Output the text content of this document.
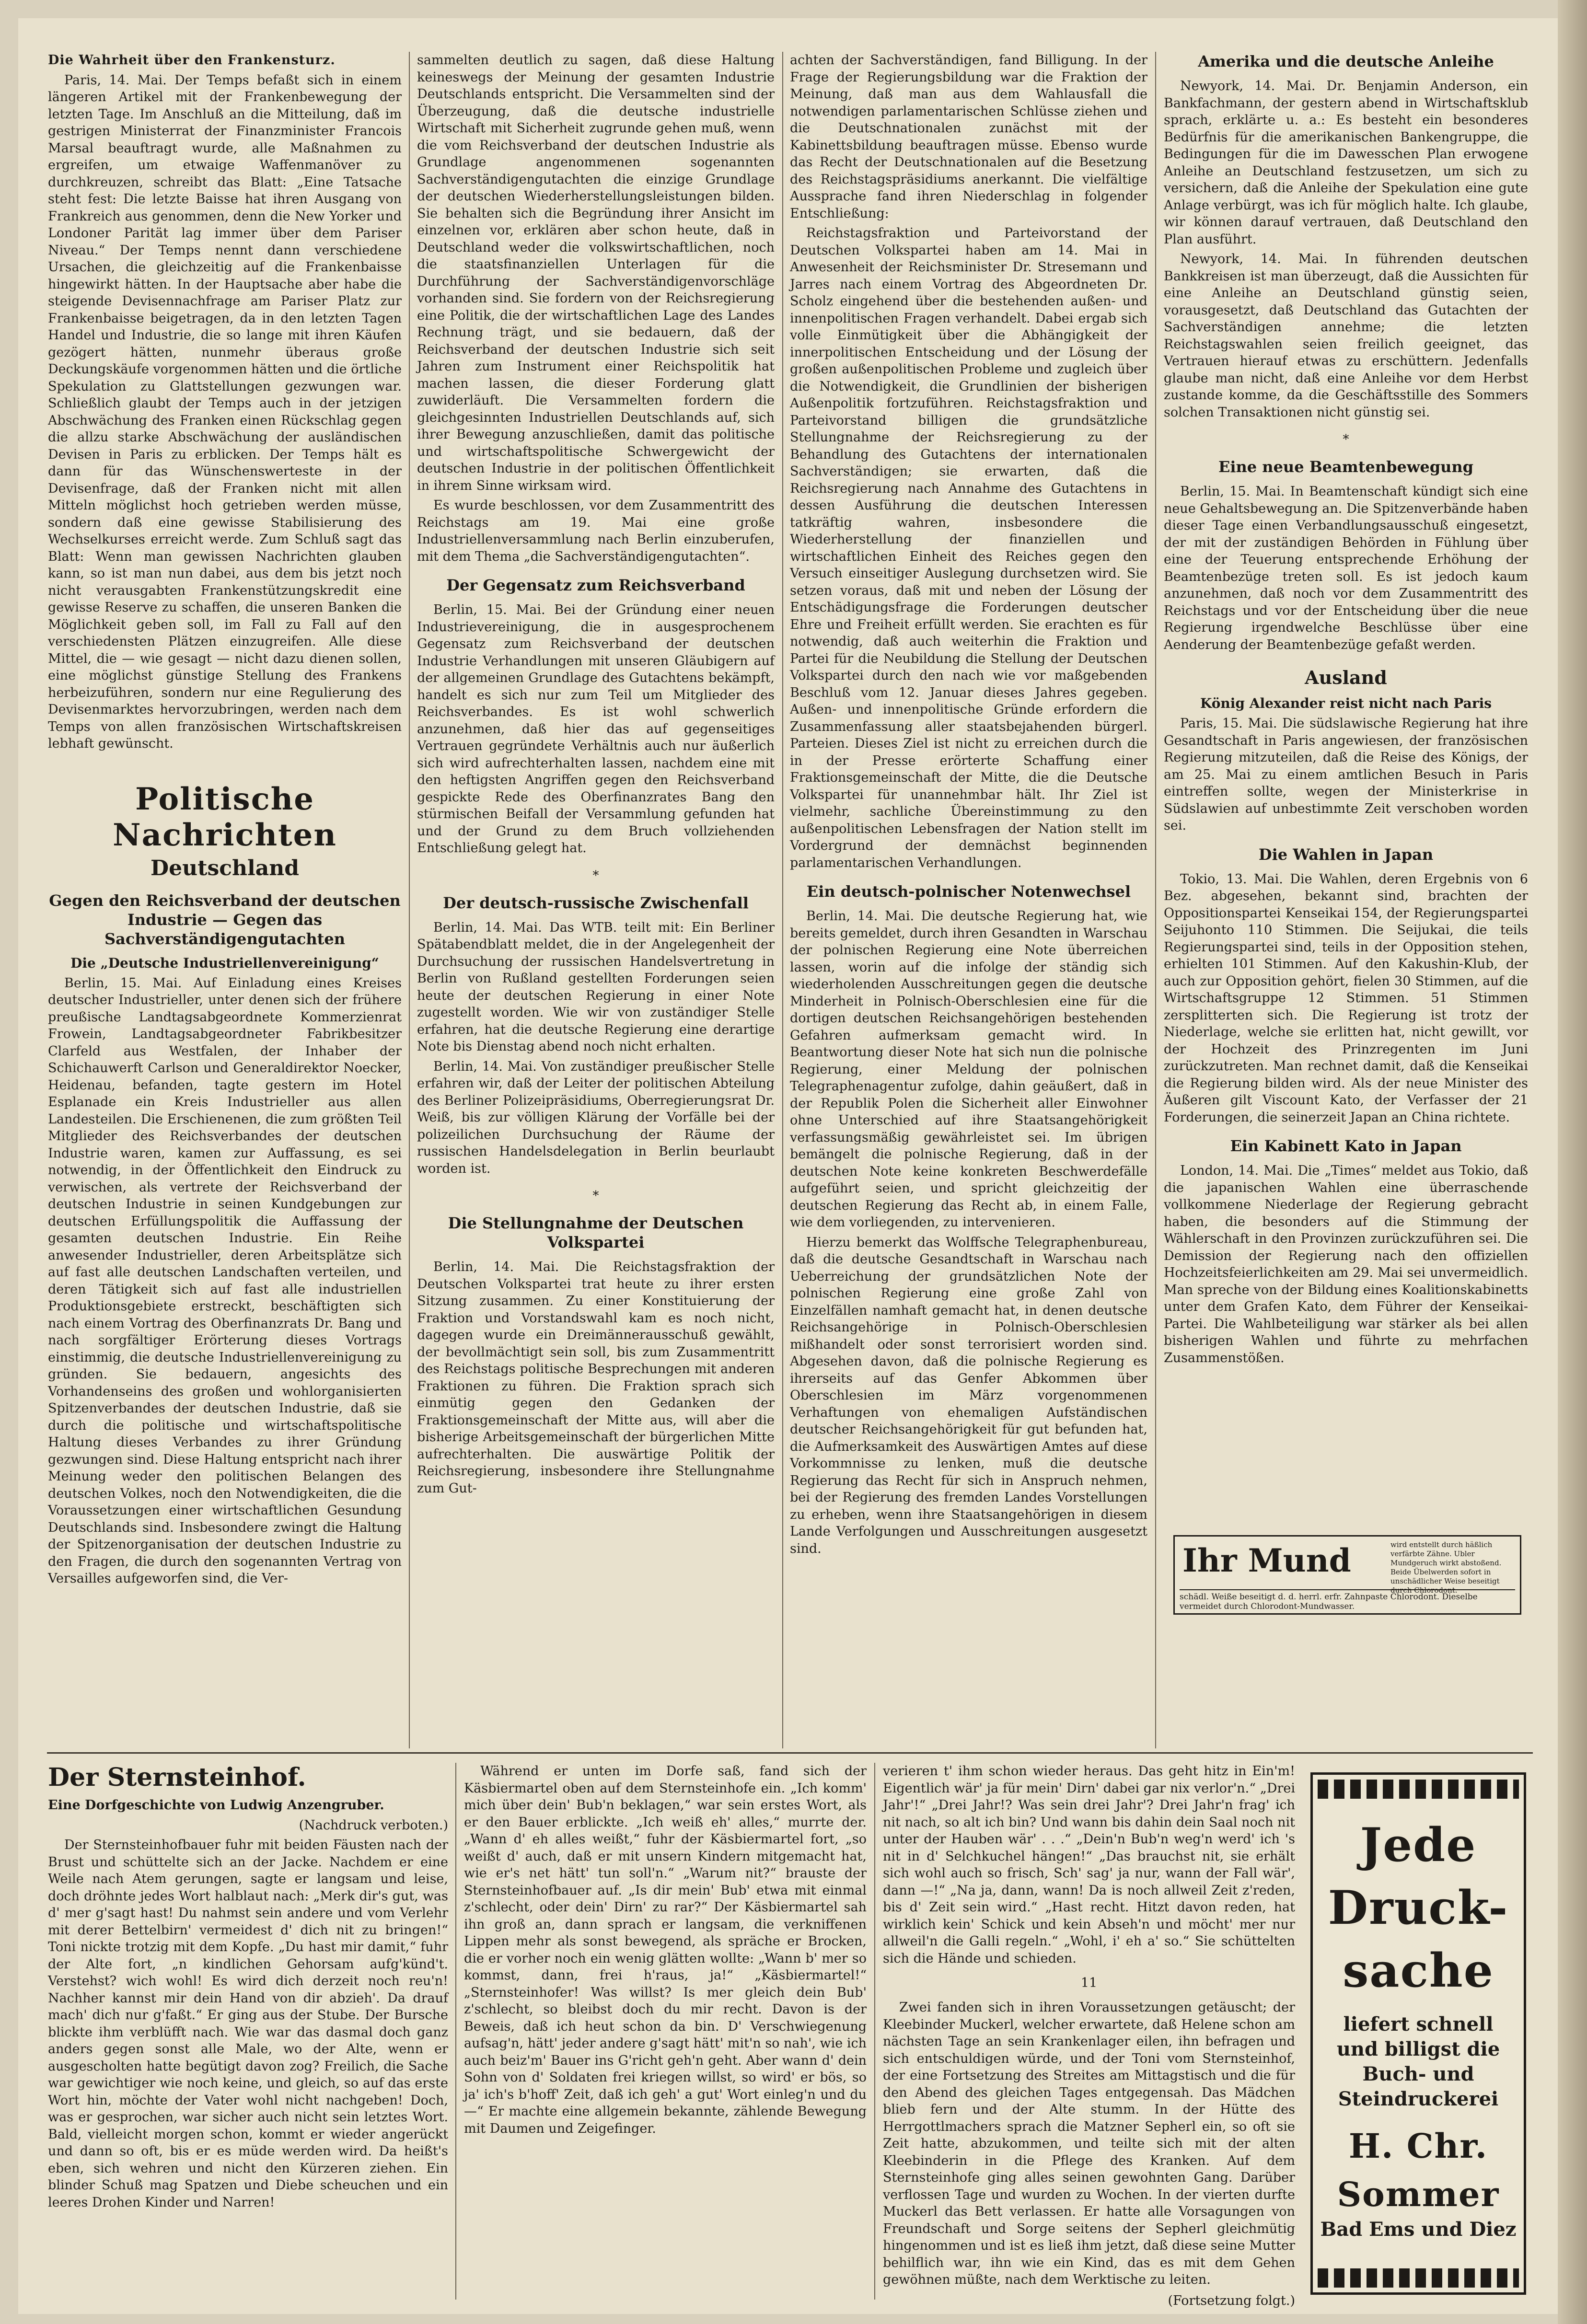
Die Wahrheit über den Frankensturz.

Paris, 14. Mai. Der Temps befaßt sich in einem längeren Artikel mit der Frankenbewegung der letzten Tage. Im Anschluß an die Mitteilung, daß im gestrigen Ministerrat der Finanzminister Francois Marsal beauftragt wurde, alle Maßnahmen zu ergreifen, um etwaige Waffenmanöver zu durchkreuzen, schreibt das Blatt: „Eine Tatsache steht fest: Die letzte Baisse hat ihren Ausgang von Frankreich aus genommen, denn die New Yorker und Londoner Parität lag immer über dem Pariser Niveau.“ Der Temps nennt dann verschiedene Ursachen, die gleichzeitig auf die Frankenbaisse hingewirkt hätten. In der Hauptsache aber habe die steigende Devisennachfrage am Pariser Platz zur Frankenbaisse beigetragen, da in den letzten Tagen Handel und Industrie, die so lange mit ihren Käufen gezögert hätten, nunmehr überaus große Deckungskäufe vorgenommen hätten und die örtliche Spekulation zu Glattstellungen gezwungen war. Schließlich glaubt der Temps auch in der jetzigen Abschwächung des Franken einen Rückschlag gegen die allzu starke Abschwächung der ausländischen Devisen in Paris zu erblicken. Der Temps hält es dann für das Wünschenswerteste in der Devisenfrage, daß der Franken nicht mit allen Mitteln möglichst hoch getrieben werden müsse, sondern daß eine gewisse Stabilisierung des Wechselkurses erreicht werde. Zum Schluß sagt das Blatt: Wenn man gewissen Nachrichten glauben kann, so ist man nun dabei, aus dem bis jetzt noch nicht verausgabten Frankenstützungskredit eine gewisse Reserve zu schaffen, die unseren Banken die Möglichkeit geben soll, im Fall zu Fall auf den verschiedensten Plätzen einzugreifen. Alle diese Mittel, die — wie gesagt — nicht dazu dienen sollen, eine möglichst günstige Stellung des Frankens herbeizuführen, sondern nur eine Regulierung des Devisenmarktes hervorzubringen, werden nach dem Temps von allen französischen Wirtschaftskreisen lebhaft gewünscht.

Politische Nachrichten
Deutschland
Gegen den Reichsverband der deutschen Industrie — Gegen das Sachverständigengutachten
Die „Deutsche Industriellenvereinigung“

Berlin, 15. Mai. Auf Einladung eines Kreises deutscher Industrieller, unter denen sich der frühere preußische Landtagsabgeordnete Kommerzienrat Frowein, Landtagsabgeordneter Fabrikbesitzer Clarfeld aus Westfalen, der Inhaber der Schichauwerft Carlson und Generaldirektor Noecker, Heidenau, befanden, tagte gestern im Hotel Esplanade ein Kreis Industrieller aus allen Landesteilen. Die Erschienenen, die zum größten Teil Mitglieder des Reichsverbandes der deutschen Industrie waren, kamen zur Auffassung, es sei notwendig, in der Öffentlichkeit den Eindruck zu verwischen, als vertrete der Reichsverband der deutschen Industrie in seinen Kundgebungen zur deutschen Erfüllungspolitik die Auffassung der gesamten deutschen Industrie. Ein Reihe anwesender Industrieller, deren Arbeitsplätze sich auf fast alle deutschen Landschaften verteilen, und deren Tätigkeit sich auf fast alle industriellen Produktionsgebiete erstreckt, beschäftigten sich nach einem Vortrag des Oberfinanzrats Dr. Bang und nach sorgfältiger Erörterung dieses Vortrags einstimmig, die deutsche Industriellenvereinigung zu gründen. Sie bedauern, angesichts des Vorhandenseins des großen und wohlorganisierten Spitzenverbandes der deutschen Industrie, daß sie durch die politische und wirtschaftspolitische Haltung dieses Verbandes zu ihrer Gründung gezwungen sind. Diese Haltung entspricht nach ihrer Meinung weder den politischen Belangen des deutschen Volkes, noch den Notwendigkeiten, die die Voraussetzungen einer wirtschaftlichen Gesundung Deutschlands sind. Insbesondere zwingt die Haltung der Spitzenorganisation der deutschen Industrie zu den Fragen, die durch den sogenannten Vertrag von Versailles aufgeworfen sind, die Ver-

sammelten deutlich zu sagen, daß diese Haltung keineswegs der Meinung der gesamten Industrie Deutschlands entspricht. Die Versammelten sind der Überzeugung, daß die deutsche industrielle Wirtschaft mit Sicherheit zugrunde gehen muß, wenn die vom Reichsverband der deutschen Industrie als Grundlage angenommenen sogenannten Sachverständigengutachten die einzige Grundlage der deutschen Wiederherstellungsleistungen bilden. Sie behalten sich die Begründung ihrer Ansicht im einzelnen vor, erklären aber schon heute, daß in Deutschland weder die volkswirtschaftlichen, noch die staatsfinanziellen Unterlagen für die Durchführung der Sachverständigenvorschläge vorhanden sind. Sie fordern von der Reichsregierung eine Politik, die der wirtschaftlichen Lage des Landes Rechnung trägt, und sie bedauern, daß der Reichsverband der deutschen Industrie sich seit Jahren zum Instrument einer Reichspolitik hat machen lassen, die dieser Forderung glatt zuwiderläuft. Die Versammelten fordern die gleichgesinnten Industriellen Deutschlands auf, sich ihrer Bewegung anzuschließen, damit das politische und wirtschaftspolitische Schwergewicht der deutschen Industrie in der politischen Öffentlichkeit in ihrem Sinne wirksam wird.

Es wurde beschlossen, vor dem Zusammentritt des Reichstags am 19. Mai eine große Industriellenversammlung nach Berlin einzuberufen, mit dem Thema „die Sachverständigengutachten“.

Der Gegensatz zum Reichsverband

Berlin, 15. Mai. Bei der Gründung einer neuen Industrievereinigung, die in ausgesprochenem Gegensatz zum Reichsverband der deutschen Industrie Verhandlungen mit unseren Gläubigern auf der allgemeinen Grundlage des Gutachtens bekämpft, handelt es sich nur zum Teil um Mitglieder des Reichsverbandes. Es ist wohl schwerlich anzunehmen, daß hier das auf gegenseitiges Vertrauen gegründete Verhältnis auch nur äußerlich sich wird aufrechterhalten lassen, nachdem eine mit den heftigsten Angriffen gegen den Reichsverband gespickte Rede des Oberfinanzrates Bang den stürmischen Beifall der Versammlung gefunden hat und der Grund zu dem Bruch vollziehenden Entschließung gelegt hat.

*
Der deutsch-russische Zwischenfall

Berlin, 14. Mai. Das WTB. teilt mit: Ein Berliner Spätabendblatt meldet, die in der Angelegenheit der Durchsuchung der russischen Handelsvertretung in Berlin von Rußland gestellten Forderungen seien heute der deutschen Regierung in einer Note zugestellt worden. Wie wir von zuständiger Stelle erfahren, hat die deutsche Regierung eine derartige Note bis Dienstag abend noch nicht erhalten.

Berlin, 14. Mai. Von zuständiger preußischer Stelle erfahren wir, daß der Leiter der politischen Abteilung des Berliner Polizeipräsidiums, Oberregierungsrat Dr. Weiß, bis zur völligen Klärung der Vorfälle bei der polizeilichen Durchsuchung der Räume der russischen Handelsdelegation in Berlin beurlaubt worden ist.

*
Die Stellungnahme der Deutschen Volkspartei

Berlin, 14. Mai. Die Reichstagsfraktion der Deutschen Volkspartei trat heute zu ihrer ersten Sitzung zusammen. Zu einer Konstituierung der Fraktion und Vorstandswahl kam es noch nicht, dagegen wurde ein Dreimännerausschuß gewählt, der bevollmächtigt sein soll, bis zum Zusammentritt des Reichstags politische Besprechungen mit anderen Fraktionen zu führen. Die Fraktion sprach sich einmütig gegen den Gedanken der Fraktionsgemeinschaft der Mitte aus, will aber die bisherige Arbeitsgemeinschaft der bürgerlichen Mitte aufrechterhalten. Die auswärtige Politik der Reichsregierung, insbesondere ihre Stellungnahme zum Gut-

achten der Sachverständigen, fand Billigung. In der Frage der Regierungsbildung war die Fraktion der Meinung, daß man aus dem Wahlausfall die notwendigen parlamentarischen Schlüsse ziehen und die Deutschnationalen zunächst mit der Kabinettsbildung beauftragen müsse. Ebenso wurde das Recht der Deutschnationalen auf die Besetzung des Reichstagspräsidiums anerkannt. Die vielfältige Aussprache fand ihren Niederschlag in folgender Entschließung:

Reichstagsfraktion und Parteivorstand der Deutschen Volkspartei haben am 14. Mai in Anwesenheit der Reichsminister Dr. Stresemann und Jarres nach einem Vortrag des Abgeordneten Dr. Scholz eingehend über die bestehenden außen- und innenpolitischen Fragen verhandelt. Dabei ergab sich volle Einmütigkeit über die Abhängigkeit der innerpolitischen Entscheidung und der Lösung der großen außenpolitischen Probleme und zugleich über die Notwendigkeit, die Grundlinien der bisherigen Außenpolitik fortzuführen. Reichstagsfraktion und Parteivorstand billigen die grundsätzliche Stellungnahme der Reichsregierung zu der Behandlung des Gutachtens der internationalen Sachverständigen; sie erwarten, daß die Reichsregierung nach Annahme des Gutachtens in dessen Ausführung die deutschen Interessen tatkräftig wahren, insbesondere die Wiederherstellung der finanziellen und wirtschaftlichen Einheit des Reiches gegen den Versuch einseitiger Auslegung durchsetzen wird. Sie setzen voraus, daß mit und neben der Lösung der Entschädigungsfrage die Forderungen deutscher Ehre und Freiheit erfüllt werden. Sie erachten es für notwendig, daß auch weiterhin die Fraktion und Partei für die Neubildung die Stellung der Deutschen Volkspartei durch den nach wie vor maßgebenden Beschluß vom 12. Januar dieses Jahres gegeben. Außen- und innenpolitische Gründe erfordern die Zusammenfassung aller staatsbejahenden bürgerl. Parteien. Dieses Ziel ist nicht zu erreichen durch die in der Presse erörterte Schaffung einer Fraktionsgemeinschaft der Mitte, die die Deutsche Volkspartei für unannehmbar hält. Ihr Ziel ist vielmehr, sachliche Übereinstimmung zu den außenpolitischen Lebensfragen der Nation stellt im Vordergrund der demnächst beginnenden parlamentarischen Verhandlungen.

Ein deutsch-polnischer Notenwechsel

Berlin, 14. Mai. Die deutsche Regierung hat, wie bereits gemeldet, durch ihren Gesandten in Warschau der polnischen Regierung eine Note überreichen lassen, worin auf die infolge der ständig sich wiederholenden Ausschreitungen gegen die deutsche Minderheit in Polnisch-Oberschlesien eine für die dortigen deutschen Reichsangehörigen bestehenden Gefahren aufmerksam gemacht wird. In Beantwortung dieser Note hat sich nun die polnische Regierung, einer Meldung der polnischen Telegraphenagentur zufolge, dahin geäußert, daß in der Republik Polen die Sicherheit aller Einwohner ohne Unterschied auf ihre Staatsangehörigkeit verfassungsmäßig gewährleistet sei. Im übrigen bemängelt die polnische Regierung, daß in der deutschen Note keine konkreten Beschwerdefälle aufgeführt seien, und spricht gleichzeitig der deutschen Regierung das Recht ab, in einem Falle, wie dem vorliegenden, zu intervenieren.

Hierzu bemerkt das Wolffsche Telegraphenbureau, daß die deutsche Gesandtschaft in Warschau nach Ueberreichung der grundsätzlichen Note der polnischen Regierung eine große Zahl von Einzelfällen namhaft gemacht hat, in denen deutsche Reichsangehörige in Polnisch-Oberschlesien mißhandelt oder sonst terrorisiert worden sind. Abgesehen davon, daß die polnische Regierung es ihrerseits auf das Genfer Abkommen über Oberschlesien im März vorgenommenen Verhaftungen von ehemaligen Aufständischen deutscher Reichsangehörigkeit für gut befunden hat, die Aufmerksamkeit des Auswärtigen Amtes auf diese Vorkommnisse zu lenken, muß die deutsche Regierung das Recht für sich in Anspruch nehmen, bei der Regierung des fremden Landes Vorstellungen zu erheben, wenn ihre Staatsangehörigen in diesem Lande Verfolgungen und Ausschreitungen ausgesetzt sind.

Amerika und die deutsche Anleihe

Newyork, 14. Mai. Dr. Benjamin Anderson, ein Bankfachmann, der gestern abend in Wirtschaftsklub sprach, erklärte u. a.: Es besteht ein besonderes Bedürfnis für die amerikanischen Bankengruppe, die Bedingungen für die im Dawesschen Plan erwogene Anleihe an Deutschland festzusetzen, um sich zu versichern, daß die Anleihe der Spekulation eine gute Anlage verbürgt, was ich für möglich halte. Ich glaube, wir können darauf vertrauen, daß Deutschland den Plan ausführt.

Newyork, 14. Mai. In führenden deutschen Bankkreisen ist man überzeugt, daß die Aussichten für eine Anleihe an Deutschland günstig seien, vorausgesetzt, daß Deutschland das Gutachten der Sachverständigen annehme; die letzten Reichstagswahlen seien freilich geeignet, das Vertrauen hierauf etwas zu erschüttern. Jedenfalls glaube man nicht, daß eine Anleihe vor dem Herbst zustande komme, da die Geschäftsstille des Sommers solchen Transaktionen nicht günstig sei.

*
Eine neue Beamtenbewegung

Berlin, 15. Mai. In Beamtenschaft kündigt sich eine neue Gehaltsbewegung an. Die Spitzenverbände haben dieser Tage einen Verbandlungsausschuß eingesetzt, der mit der zuständigen Behörden in Fühlung über eine der Teuerung entsprechende Erhöhung der Beamtenbezüge treten soll. Es ist jedoch kaum anzunehmen, daß noch vor dem Zusammentritt des Reichstags und vor der Entscheidung über die neue Regierung irgendwelche Beschlüsse über eine Aenderung der Beamtenbezüge gefaßt werden.

Ausland
König Alexander reist nicht nach Paris

Paris, 15. Mai. Die südslawische Regierung hat ihre Gesandtschaft in Paris angewiesen, der französischen Regierung mitzuteilen, daß die Reise des Königs, der am 25. Mai zu einem amtlichen Besuch in Paris eintreffen sollte, wegen der Ministerkrise in Südslawien auf unbestimmte Zeit verschoben worden sei.

Die Wahlen in Japan

Tokio, 13. Mai. Die Wahlen, deren Ergebnis von 6 Bez. abgesehen, bekannt sind, brachten der Oppositionspartei Kenseikai 154, der Regierungspartei Seijuhonto 110 Stimmen. Die Seijukai, die teils Regierungspartei sind, teils in der Opposition stehen, erhielten 101 Stimmen. Auf den Kakushin-Klub, der auch zur Opposition gehört, fielen 30 Stimmen, auf die Wirtschaftsgruppe 12 Stimmen. 51 Stimmen zersplitterten sich. Die Regierung ist trotz der Niederlage, welche sie erlitten hat, nicht gewillt, vor der Hochzeit des Prinzregenten im Juni zurückzutreten. Man rechnet damit, daß die Kenseikai die Regierung bilden wird. Als der neue Minister des Äußeren gilt Viscount Kato, der Verfasser der 21 Forderungen, die seinerzeit Japan an China richtete.

Ein Kabinett Kato in Japan

London, 14. Mai. Die „Times“ meldet aus Tokio, daß die japanischen Wahlen eine überraschende vollkommene Niederlage der Regierung gebracht haben, die besonders auf die Stimmung der Wählerschaft in den Provinzen zurückzuführen sei. Die Demission der Regierung nach den offiziellen Hochzeitsfeierlichkeiten am 29. Mai sei unvermeidlich. Man spreche von der Bildung eines Koalitionskabinetts unter dem Grafen Kato, dem Führer der Kenseikai-Partei. Die Wahlbeteiligung war stärker als bei allen bisherigen Wahlen und führte zu mehrfachen Zusammenstößen.

Ihr Mund	wird entstellt durch häßlich verfärbte Zähne. Ubler Mundgeruch wirkt abstoßend. Beide Übelwerden sofort in unschädlicher Weise beseitigt durch Chlorodont.
schädl. Weiße beseitigt d. d. herrl. erfr. Zahnpaste Chlorodont. Dieselbe vermeidet durch Chlorodont-Mundwasser.
Der Sternsteinhof.

Eine Dorfgeschichte von Ludwig Anzengruber.

(Nachdruck verboten.)

Der Sternsteinhofbauer fuhr mit beiden Fäusten nach der Brust und schüttelte sich an der Jacke. Nachdem er eine Weile nach Atem gerungen, sagte er langsam und leise, doch dröhnte jedes Wort halblaut nach: „Merk dir's gut, was d' mer g'sagt hast! Du nahmst sein andere und vom Verlehr mit derer Bettelbirn' vermeidest d' dich nit zu bringen!“ Toni nickte trotzig mit dem Kopfe. „Du hast mir damit,“ fuhr der Alte fort, „n kindlichen Gehorsam aufg'künd't. Verstehst? wich wohl! Es wird dich derzeit noch reu'n! Nachher kannst mir dein Hand von dir abzieh'. Da drauf mach' dich nur g'faßt.“ Er ging aus der Stube. Der Bursche blickte ihm verblüfft nach. Wie war das dasmal doch ganz anders gegen sonst alle Male, wo der Alte, wenn er ausgescholten hatte begütigt davon zog? Freilich, die Sache war gewichtiger wie noch keine, und gleich, so auf das erste Wort hin, möchte der Vater wohl nicht nachgeben! Doch, was er gesprochen, war sicher auch nicht sein letztes Wort. Bald, vielleicht morgen schon, kommt er wieder angerückt und dann so oft, bis er es müde werden wird. Da heißt's eben, sich wehren und nicht den Kürzeren ziehen. Ein blinder Schuß mag Spatzen und Diebe scheuchen und ein leeres Drohen Kinder und Narren!

Während er unten im Dorfe saß, fand sich der Käsbiermartel oben auf dem Sternsteinhofe ein. „Ich komm' mich über dein' Bub'n beklagen,“ war sein erstes Wort, als er den Bauer erblickte. „Ich weiß eh' alles,“ murrte der. „Wann d' eh alles weißt,“ fuhr der Käsbiermartel fort, „so weißt d' auch, daß er mit unsern Kindern mitgemacht hat, wie er's net hätt' tun soll'n.“ „Warum nit?“ brauste der Sternsteinhofbauer auf. „Is dir mein' Bub' etwa mit einmal z'schlecht, oder dein' Dirn' zu rar?“ Der Käsbiermartel sah ihn groß an, dann sprach er langsam, die verkniffenen Lippen mehr als sonst bewegend, als spräche er Brocken, die er vorher noch ein wenig glätten wollte: „Wann b' mer so kommst, dann, frei h'raus, ja!“ „Käsbiermartel!“ „Sternsteinhofer! Was willst? Is mer gleich dein Bub' z'schlecht, so bleibst doch du mir recht. Davon is der Beweis, daß ich heut schon da bin. D' Verschwiegenung aufsag'n, hätt' jeder andere g'sagt hätt' mit'n so nah', wie ich auch beiz'm' Bauer ins G'richt geh'n geht. Aber wann d' dein Sohn von d' Soldaten frei kriegen willst, so wird' er bös, so ja' ich's b'hoff' Zeit, daß ich geh' a gut' Wort einleg'n und du —“ Er machte eine allgemein bekannte, zählende Bewegung mit Daumen und Zeigefinger.

verieren t' ihm schon wieder heraus. Das geht hitz in Ein'm! Eigentlich wär' ja für mein' Dirn' dabei gar nix verlor'n.“ „Drei Jahr'!“ „Drei Jahr!? Was sein drei Jahr'? Drei Jahr'n frag' ich nit nach, so alt ich bin? Und wann bis dahin dein Saal noch nit unter der Hauben wär' . . .“ „Dein'n Bub'n weg'n werd' ich 's nit in d' Selchkuchel hängen!“ „Das brauchst nit, sie erhält sich wohl auch so frisch, Sch' sag' ja nur, wann der Fall wär', dann —!“ „Na ja, dann, wann! Da is noch allweil Zeit z'reden, bis d' Zeit sein wird.“ „Hast recht. Hitzt davon reden, hat wirklich kein' Schick und kein Abseh'n und möcht' mer nur allweil'n die Galli regeln.“ „Wohl, i' eh a' so.“ Sie schüttelten sich die Hände und schieden.

11

Zwei fanden sich in ihren Voraussetzungen getäuscht; der Kleebinder Muckerl, welcher erwartete, daß Helene schon am nächsten Tage an sein Krankenlager eilen, ihn befragen und sich entschuldigen würde, und der Toni vom Sternsteinhof, der eine Fortsetzung des Streites am Mittagstisch und die für den Abend des gleichen Tages entgegensah. Das Mädchen blieb fern und der Alte stumm. In der Hütte des Herrgottlmachers sprach die Matzner Sepherl ein, so oft sie Zeit hatte, abzukommen, und teilte sich mit der alten Kleebinderin in die Pflege des Kranken. Auf dem Sternsteinhofe ging alles seinen gewohnten Gang. Darüber verflossen Tage und wurden zu Wochen. In der vierten durfte Muckerl das Bett verlassen. Er hatte alle Vorsagungen von Freundschaft und Sorge seitens der Sepherl gleichmütig hingenommen und ist es ließ ihm jetzt, daß diese seine Mutter behilflich war, ihn wie ein Kind, das es mit dem Gehen gewöhnen müßte, nach dem Werktische zu leiten.

(Fortsetzung folgt.)
Jede
Druck-
sache
liefert schnell und billigst die Buch- und Steindruckerei
H. Chr.
Sommer
Bad Ems und Diez
